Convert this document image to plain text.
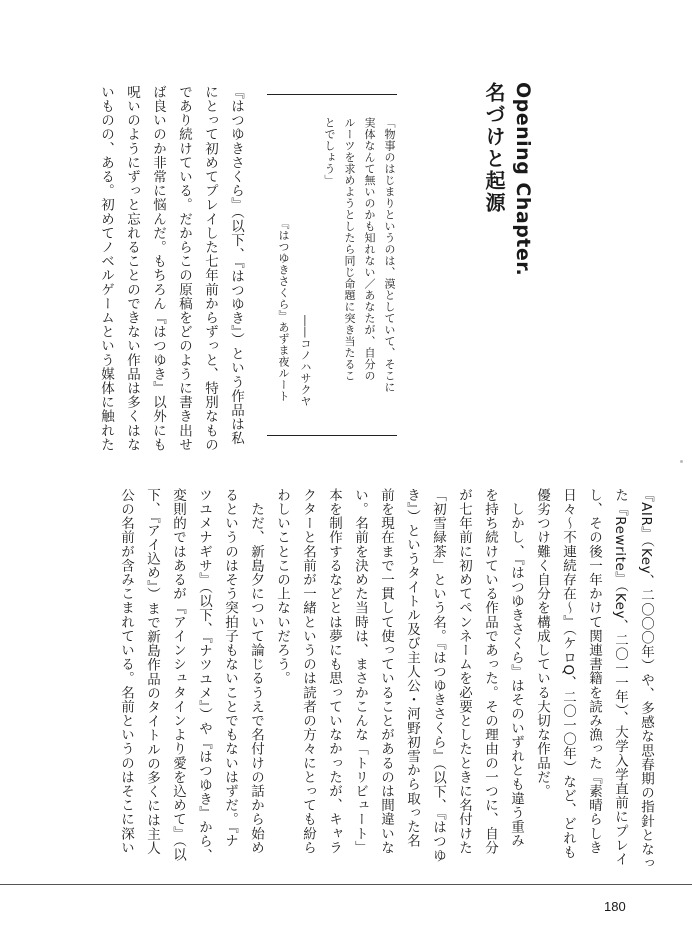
Opening Chapter.
名づけと起源
「物事のはじまりというのは、漠としていて、そこに
実体なんて無いのかも知れない／あなたが、自分の
ルーツを求めようとしたら同じ命題に突き当たるこ
とでしょう」
――コノハサクヤ
『はつゆきさくら』あずま夜ルート
『はつゆきさくら』（以下、『はつゆき』）という作品は私
にとって初めてプレイした七年前からずっと、特別なもの
であり続けている。だからこの原稿をどのように書き出せ
ば良いのか非常に悩んだ。もちろん『はつゆき』以外にも
呪いのようにずっと忘れることのできない作品は多くはな
いものの、ある。初めてノベルゲームという媒体に触れた
『AIR』（Key、二〇〇〇年）や、多感な思春期の指針となっ
た『Rewrite』（Key、二〇一一年）、大学入学直前にプレイ
し、その後一年かけて関連書籍を読み漁った『素晴らしき
日々～不連続存在～』（ケロQ、二〇一〇年）など、どれも
優劣つけ難く自分を構成している大切な作品だ。
　しかし、『はつゆきさくら』はそのいずれとも違う重み
を持ち続けている作品であった。その理由の一つに、自分
が七年前に初めてペンネームを必要としたときに名付けた
「初雪緑茶」という名。『はつゆきさくら』（以下、『はつゆ
き』）というタイトル及び主人公・河野初雪から取った名
前を現在まで一貫して使っていることがあるのは間違いな
い。名前を決めた当時は、まさかこんな「トリビュート」
本を制作するなどとは夢にも思っていなかったが、キャラ
クターと名前が一緒というのは読者の方々にとっても紛ら
わしいことこの上ないだろう。
　ただ、新島夕について論じるうえで名付けの話から始め
るというのはそう突拍子もないことでもないはずだ。『ナ
ツユメナギサ』（以下、『ナツユメ』）や『はつゆき』から、
変則的ではあるが『アインシュタインより愛を込めて』（以
下、『アイ込め』）まで新島作品のタイトルの多くには主人
公の名前が含みこまれている。名前というのはそこに深い
180
